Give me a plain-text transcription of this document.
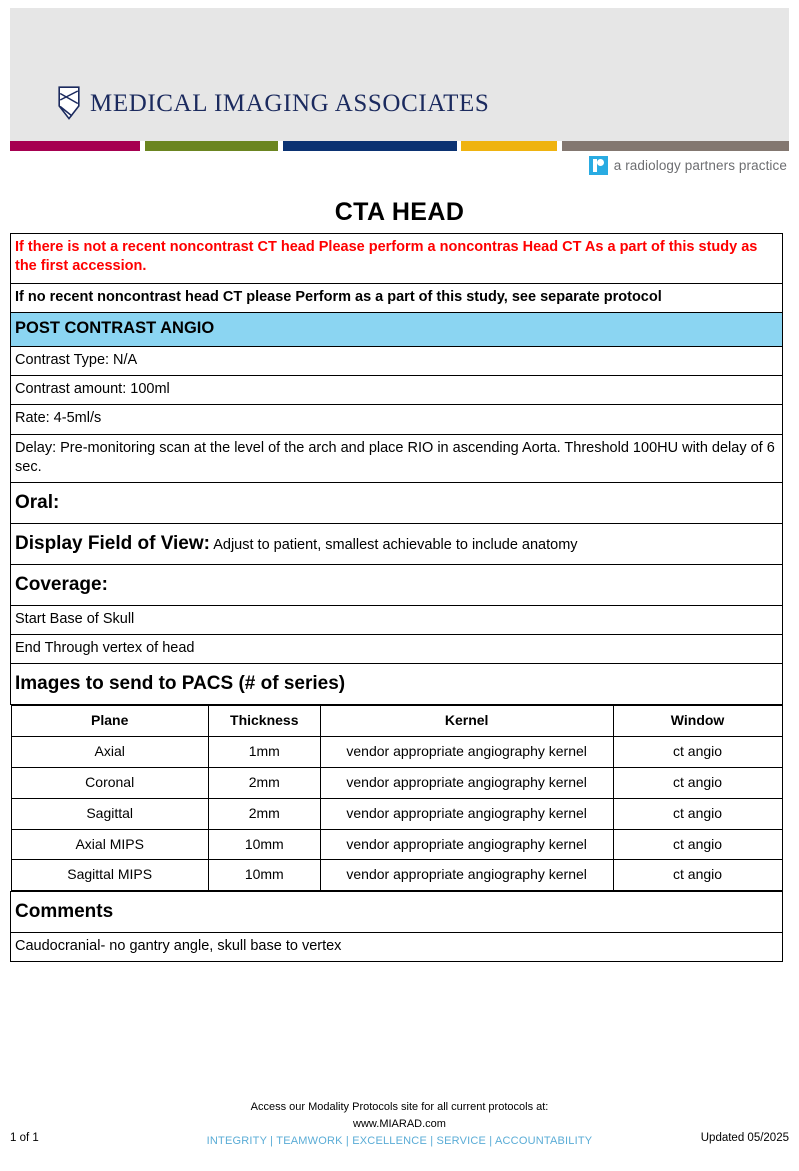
MEDICAL IMAGING ASSOCIATES
a radiology partners practice
CTA HEAD
If there is not a recent noncontrast CT head Please perform a noncontras Head CT As a part of this study as the first accession.
If no recent noncontrast head CT please Perform as a part of this study, see separate protocol
POST CONTRAST ANGIO
Contrast Type: N/A
Contrast amount: 100ml
Rate: 4-5ml/s
Delay: Pre-monitoring scan at the level of the arch and place RIO in ascending Aorta. Threshold 100HU with delay of 6 sec.
Oral:
Display Field of View: Adjust to patient, smallest achievable to include anatomy
Coverage:
Start Base of Skull
End Through vertex of head
Images to send to PACS (# of series)

Plane	Thickness	Kernel	Window
Axial	1mm	vendor appropriate angiography kernel	ct angio
Coronal	2mm	vendor appropriate angiography kernel	ct angio
Sagittal	2mm	vendor appropriate angiography kernel	ct angio
Axial MIPS	10mm	vendor appropriate angiography kernel	ct angio
Sagittal MIPS	10mm	vendor appropriate angiography kernel	ct angio

Comments
Caudocranial- no gantry angle, skull base to vertex
Access our Modality Protocols site for all current protocols at:
www.MIARAD.com
INTEGRITY | TEAMWORK | EXCELLENCE | SERVICE | ACCOUNTABILITY
1 of 1	Updated 05/2025
